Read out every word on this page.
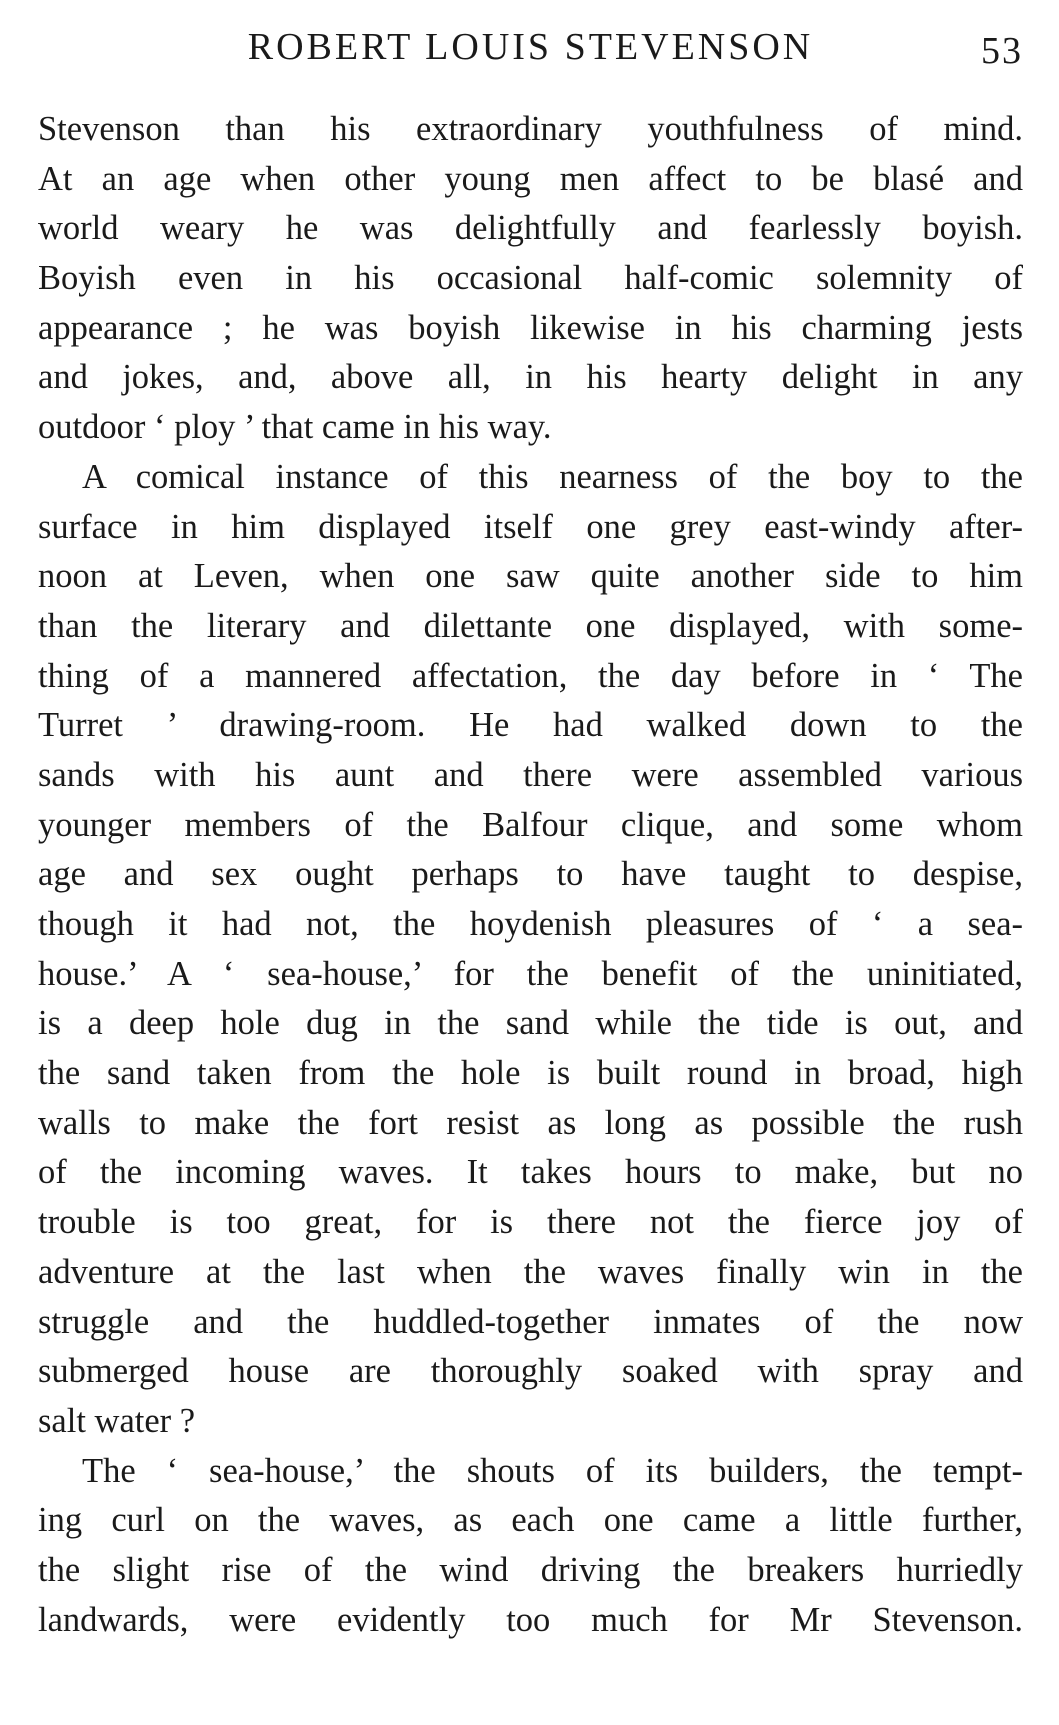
ROBERT LOUIS STEVENSON	53
Stevenson than his extraordinary youthfulness of mind.
At an age when other young men affect to be blasé and
world weary he was delightfully and fearlessly boyish.
Boyish even in his occasional half-comic solemnity of
appearance ; he was boyish likewise in his charming jests
and jokes, and, above all, in his hearty delight in any
outdoor ‘ ploy ’ that came in his way.
A comical instance of this nearness of the boy to the
surface in him displayed itself one grey east-windy after-
noon at Leven, when one saw quite another side to him
than the literary and dilettante one displayed, with some-
thing of a mannered affectation, the day before in ‘ The
Turret ’ drawing-room. He had walked down to the
sands with his aunt and there were assembled various
younger members of the Balfour clique, and some whom
age and sex ought perhaps to have taught to despise,
though it had not, the hoydenish pleasures of ‘ a sea-
house.’ A ‘ sea-house,’ for the benefit of the uninitiated,
is a deep hole dug in the sand while the tide is out, and
the sand taken from the hole is built round in broad, high
walls to make the fort resist as long as possible the rush
of the incoming waves. It takes hours to make, but no
trouble is too great, for is there not the fierce joy of
adventure at the last when the waves finally win in the
struggle and the huddled-together inmates of the now
submerged house are thoroughly soaked with spray and
salt water ?
The ‘ sea-house,’ the shouts of its builders, the tempt-
ing curl on the waves, as each one came a little further,
the slight rise of the wind driving the breakers hurriedly
landwards, were evidently too much for Mr Stevenson.
